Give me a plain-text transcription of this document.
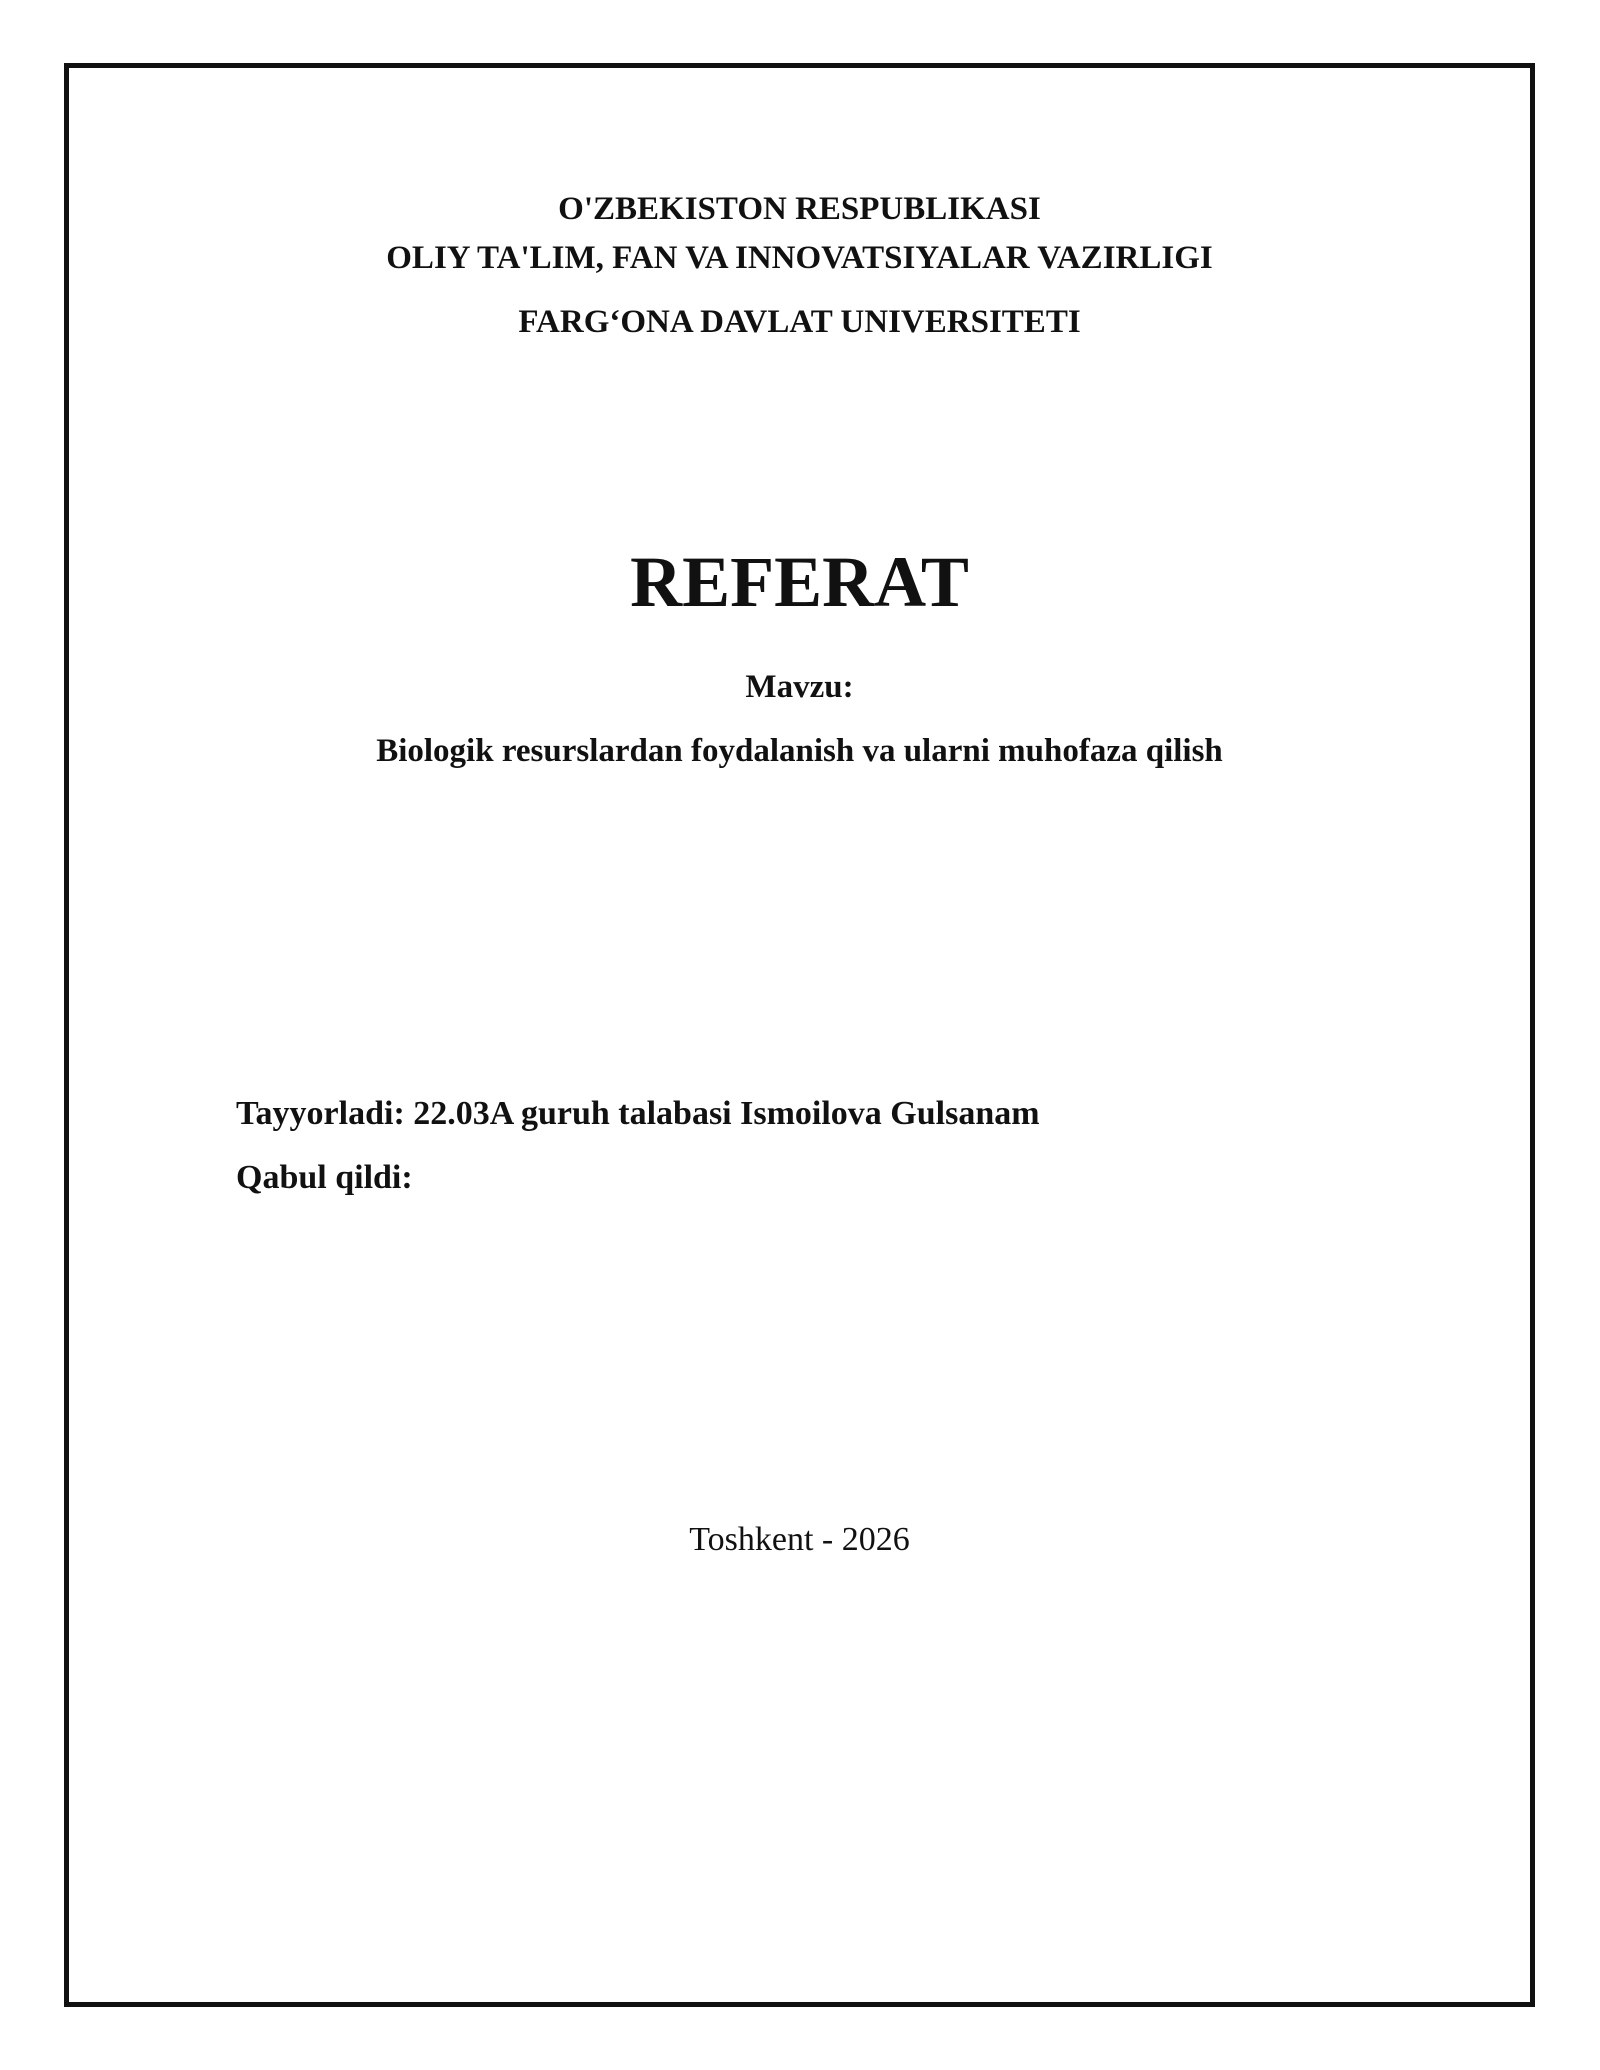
O'ZBEKISTON RESPUBLIKASI
OLIY TA'LIM, FAN VA INNOVATSIYALAR VAZIRLIGI
FARG‘ONA DAVLAT UNIVERSITETI
REFERAT
Mavzu:
Biologik resurslardan foydalanish va ularni muhofaza qilish
Tayyorladi: 22.03A guruh talabasi Ismoilova Gulsanam
Qabul qildi:
Toshkent - 2026
